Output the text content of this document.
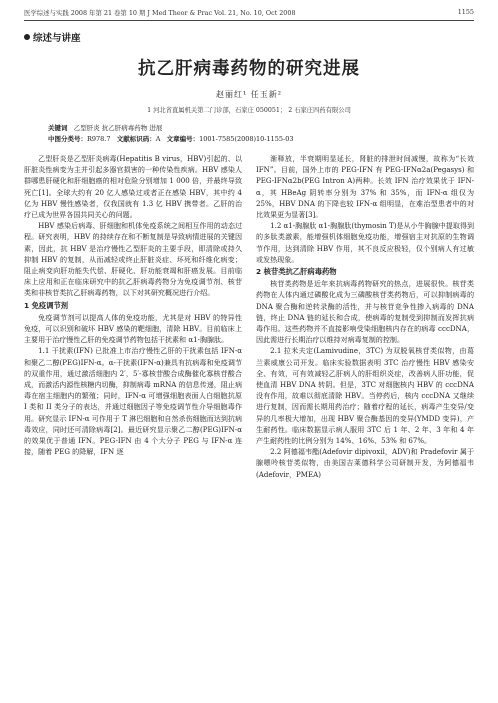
医学综述与实践 2008 年第 21 卷第 10 期 J Med Theor & Prac Vol. 21, No. 10, Oct 2008	1155
综述与讲座
抗乙肝病毒药物的研究进展
赵丽红¹ 任玉新²
1 河北省直属机关第二门诊部，石家庄 050051； 2 石家庄四药有限公司
关键词 乙型肝炎 抗乙肝病毒药物 进展
中图分类号：R978.7 文献标识码：A 文章编号：1001-7585(2008)10-1155-03

乙型肝炎是乙型肝炎病毒(Hepatitis B virus，HBV)引起的、以肝脏炎性病变为主并引起多器官损害的一种传染性疾病。HBV 感染人群哪患肝硬化和肝细胞癌的相对危险分别增加 1 000 倍，并最终导致死亡[1]。全球大约有 20 亿人感染过或者正在感染 HBV，其中约 4 亿为 HBV 慢性感染者，仅我国就有 1.3 亿 HBV 携带者。乙肝的治疗已成为世界各国共同关心的问题。

HBV 感染后病毒、肝细胞和机体免疫系统之间相互作用的动态过程。研究表明，HBV 的持续存在和不断复制是导致病情进展的关键因素，因此，抗 HBV 是治疗慢性乙型肝炎的主要手段，即清除或持久抑制 HBV 的复制，从而减轻或终止肝脏炎症、坏死和纤维化病变；阻止病变向肝功能失代偿、肝硬化、肝功能衰竭和肝癌发展。目前临床上应用和正在临床研究中的抗乙肝病毒药物分为免疫调节剂、核苷类和非核苷类抗乙肝病毒药物，以下对其研究概况进行介绍。

1 免疫调节剂

免疫调节剂可以提高人体的免疫功能，尤其是对 HBV 的特异性免疫，可以识别和破坏 HBV 感染的靶细胞，清除 HBV。目前临床上主要用于治疗慢性乙肝的免疫调节药物包括干扰素和 α1-胸腺肽。

1.1 干扰素(IFN) 已批准上市治疗慢性乙肝的干扰素包括 IFN-α 和聚乙二醇(PEG)IFN-α。α-干扰素(IFN-α)兼具有抗病毒和免疫调节的双重作用，通过激活细胞内 2′，5′-寡核苷酸合成酶催化寡核苷酸合成，而激活内源性核糖内切酶，抑制病毒 mRNA 的信息传递，阻止病毒在宿主细胞内的繁殖；同时，IFN-α 可增强细胞表面人白细胞抗原 I 类和 II 类分子的表达，并通过细胞因子等免疫调节性介导细胞毒作用。研究显示 IFN-α 可作用于 T 淋巴细胞和自然杀伤细胞而达到抗病毒效应，同时还可清除病毒[2]。最近研究显示聚乙二醇(PEG)IFN-α 的效果优于普通 IFN。PEG-IFN 由 4 个大分子 PEG 与 IFN-α 连接，随着 PEG 的降解，IFN 逐

渐释放，半衰期明显延长，肾脏的排泄时间减慢，故称为“长效 IFN”。目前，国外上市的 PEG-IFN 有 PEG-IFNα2a(Pegasys) 和 PEG-IFNα2b(PEG Intron A)两种。长效 IFN 治疗效果优于 IFN-α，其 HBeAg 阴转率分别为 37% 和 35%，而 IFN-α 组仅为 25%，HBV DNA 的下降也较 IFN-α 组明显，在难治型患者中的对比效果更为显著[3]。

1.2 α1-胸腺肽 α1-胸腺肽(thymosin T)是从小牛胸腺中提取得到的多肽类激素，能增强机体细胞免疫功能，增强宿主对抗原的生物调节作用，达到清除 HBV 作用，其不良反应极轻，仅个别病人有过敏或发热现象。

2 核苷类抗乙肝病毒药物

核苷类药物是近年来抗病毒药物研究的热点，进展很快。核苷类药物在人体内通过磷酸化成为三磷酸核苷类药物后，可以抑制病毒的 DNA 聚合酶和逆转录酶的活性，并与核苷竞争性掺入病毒的 DNA 链，终止 DNA 链的延长和合成，使病毒的复制受到抑制而发挥抗病毒作用。这些药物并不直接影响受染细胞核内存在的病毒 cccDNA，因此需进行长期治疗以维持对病毒复制的控制。

2.1 拉米夫定(Lamivudine，3TC) 为双脱氧核苷类似物，由葛兰素威康公司开发。临床实验数据表明 3TC 治疗慢性 HBV 感染安全、有效，可有效减轻乙肝病人的肝组织炎症，改善病人肝功能，促使血清 HBV DNA 转阴。但是，3TC 对细胞核内 HBV 的 cccDNA 没有作用，故难以彻底清除 HBV。当停药后，核内 cccDNA 又继续进行复制，因而需长期用药治疗；随着疗程的延长，病毒产生变异/变异的几率极大增加，出现 HBV 聚合酶基因的变异(YMDD 变异)，产生耐药性。临床数据显示病人服用 3TC 后 1 年、2 年、3 年和 4 年产生耐药性的比例分别为 14%、16%、53% 和 67%。

2.2 阿德福韦酯(Adefovir dipivoxil，ADV)和 Pradefovir 属于腺嘌呤核苷类似物，由美国吉莱德科学公司研制开发，为阿德福韦(Adefovir，PMEA)
